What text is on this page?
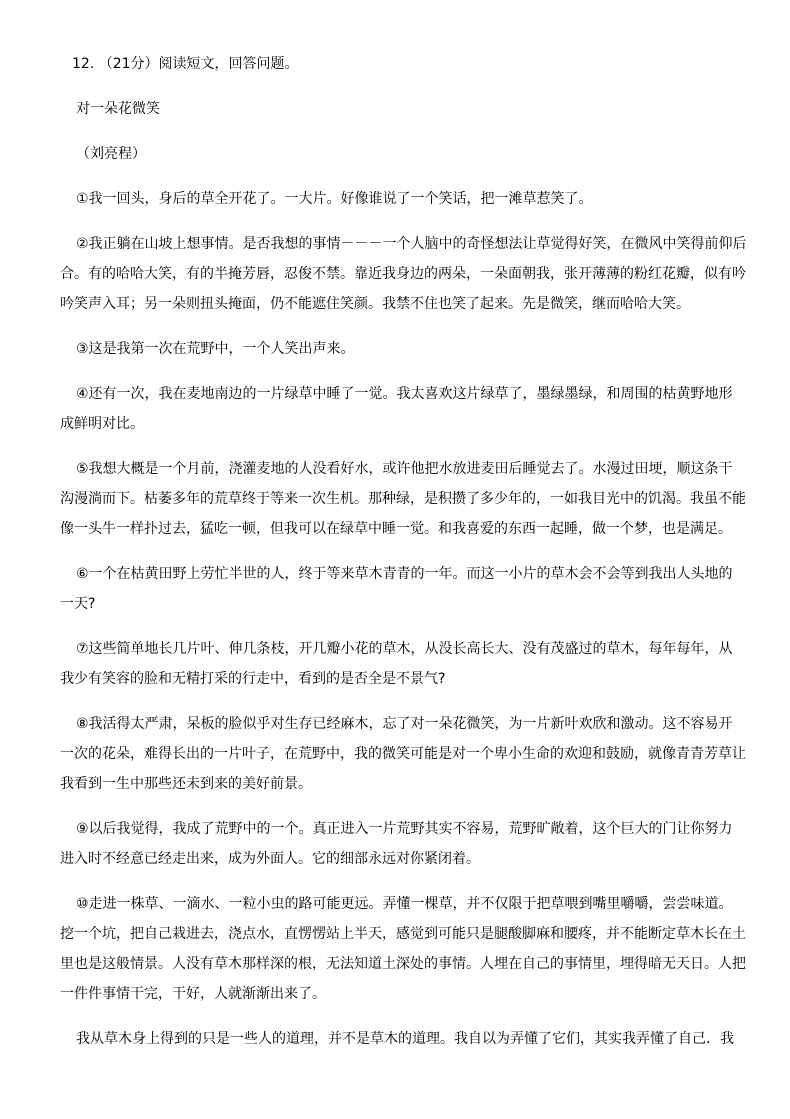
12. （21分）阅读短文，回答问题。
对一朵花微笑
（刘亮程）
①我一回头，身后的草全开花了。一大片。好像谁说了一个笑话，把一滩草惹笑了。
②我正躺在山坡上想事情。是否我想的事情－－－一个人脑中的奇怪想法让草觉得好笑，在微风中笑得前仰后
合。有的哈哈大笑，有的半掩芳唇，忍俊不禁。靠近我身边的两朵，一朵面朝我，张开薄薄的粉红花瓣，似有吟
吟笑声入耳；另一朵则扭头掩面，仍不能遮住笑颜。我禁不住也笑了起来。先是微笑，继而哈哈大笑。
③这是我第一次在荒野中，一个人笑出声来。
④还有一次，我在麦地南边的一片绿草中睡了一觉。我太喜欢这片绿草了，墨绿墨绿，和周围的枯黄野地形
成鲜明对比。
⑤我想大概是一个月前，浇灌麦地的人没看好水，或许他把水放进麦田后睡觉去了。水漫过田埂，顺这条干
沟漫淌而下。枯萎多年的荒草终于等来一次生机。那种绿，是积攒了多少年的，一如我目光中的饥渴。我虽不能
像一头牛一样扑过去，猛吃一顿，但我可以在绿草中睡一觉。和我喜爱的东西一起睡，做一个梦，也是满足。
⑥一个在枯黄田野上劳忙半世的人，终于等来草木青青的一年。而这一小片的草木会不会等到我出人头地的
一天?
⑦这些简单地长几片叶、伸几条枝，开几瓣小花的草木，从没长高长大、没有茂盛过的草木，每年每年，从
我少有笑容的脸和无精打采的行走中，看到的是否全是不景气?
⑧我活得太严肃，呆板的脸似乎对生存已经麻木，忘了对一朵花微笑，为一片新叶欢欣和激动。这不容易开
一次的花朵，难得长出的一片叶子，在荒野中，我的微笑可能是对一个卑小生命的欢迎和鼓励，就像青青芳草让
我看到一生中那些还未到来的美好前景。
⑨以后我觉得，我成了荒野中的一个。真正进入一片荒野其实不容易，荒野旷敞着，这个巨大的门让你努力
进入时不经意已经走出来，成为外面人。它的细部永远对你紧闭着。
⑩走进一株草、一滴水、一粒小虫的路可能更远。弄懂一棵草，并不仅限于把草喂到嘴里嚼嚼，尝尝味道。
挖一个坑，把自己栽进去，浇点水，直愣愣站上半天，感觉到可能只是腿酸脚麻和腰疼，并不能断定草木长在土
里也是这般情景。人没有草木那样深的根，无法知道土深处的事情。人埋在自己的事情里，埋得暗无天日。人把
一件件事情干完，干好，人就渐渐出来了。
我从草木身上得到的只是一些人的道理，并不是草木的道理。我自以为弄懂了它们，其实我弄懂了自己．我
